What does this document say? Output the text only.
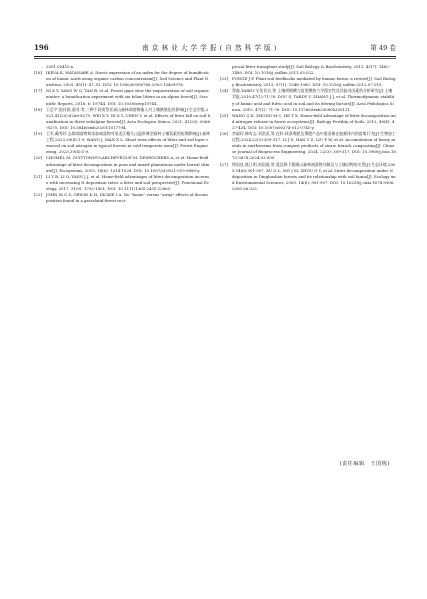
196	南 京 林 业 大 学 学 报 ( 自 然 科 学 版 )	第 49 卷
2001.00410.x.
[16]	IKEVA K, WATANABE A. Direct expression of an index for the degree of humification of humic acids using organic carbon concentration[J]. Soil Science and Plant Nutrition, 2003, 49(1): 47–53. DOI: 10.1080/00380768.2003.10409978.
[17]	NI X Y, YANG W Q, TAN B, et al. Forest gaps slow the sequestration of soil organic matter: a humification experiment with six foliar litters in an alpine forest[J]. Scientific Reports, 2016, 6: 19744. DOI: 10.1038/srep19744.
[18]	卫芯宇,倪祥银,谌亚,等.三种不同类型亚高山森林凋落物输入对土壤腐殖化的影响[J].生态学报,2021,41(20):8266-8275. WEI X Y, NI X Y, CHEN Y, et al. Effects of litter fall on soil humification in three subalpine forests[J]. Acta Ecologica Sinica, 2021, 41(20): 8266-8275. DOI: 10.5846/stxb202011017794.
[19]	王军,戴秀玲.去除凋落物和添加凋落物对黑龙江帽儿山温带典型森林土壤氮素的短期影响[J].森林工程,2023,39(4):1-9. WANG J, MAN X L. Short term effects of litter and sod layer removal on soil nitrogen in typical forests in cold temperate zone[J]. Forest Engineering, 2023,39(4):1-9.
[20]	CHOMEL M, GUITTONNY-LARCHEVÊQUE M, DESROCHERS A, et al. Home-field advantage of litter decomposition in pure and mixed plantations under boreal climate[J]. Ecosystems, 2015, 18(6): 1014-1028. DOI: 10.1007/s10021-015-9880-y.
[21]	LI Y B, LI Q, YANG J J, et al. Home-field advantages of litter decomposition increase with increasing N deposition rates: a litter and soil perspective[J]. Functional Ecology, 2017, 31(9): 1792-1801. DOI: 10.1111/1365-2435.12863.
[22]	JOHN M G S, ORWIN K H, DICKIE I A. No "home" versus "away" effects of decomposition found in a grassland-forest reci-
procal litter transplant study[J]. Soil Biology & Biochemistry, 2011, 43(7): 1482-1489. DOI: 10.1016/j.soilbio.2011.03.022.
[23]	PONGE J F. Plant-soil feedbacks mediated by humus forms: a review[J]. Soil Biology Biochemistry, 2013, 57(1): 1048-1060. DOI: 10.1016/j.soilbio.2012.07.019.
[24]	窦森,TARDY Y,张晋京,等.土壤胡敏酸与富里酸热力学稳定性及其驱动因素的分析研究[J].土壤学报,2010,47(1):71-76. DOU S, TARDY Y, ZHANG J J, et al. Thermodynamic stability of humic acid and fulvic acid in soil and its driving factors[J]. Acta Pedologica Sinica, 2010, 47(1): 71-76. DOI: 10.11766/trxb200804300111.
[25]	WANG Q K, ZHONG M C, HE T X. Home-field advantage of litter decomposition and nitrogen release in forest ecosystems[J]. Biology Fertility of Soils, 2013, 49(4): 427-434. DOI: 10.1007/s00374-012-0741-y.
[26]	李淑玲,韩有志,刘金武,等.在杆,枝条堆肥及堆肥产品中重金属在蚯蚓体内的富集行为[J].生物加工过程,2024,22(3):309-317. LI J X, HAN Y Z, LIU F W, et al. Accumulation of heavy metals in earthworms from compost products of straw, branch composting[J]. Chinese Journal of Bioprocess Engineering, 2024, 22(3): 309-317. DOI: 10.3969/j.issn.1672-3678.2024.03.009.
[27]	徐国良,莫江明,周国逸,等.氮沉降下鼎湖山森林凋落物分解及与土壤动物的关系[J].生态环境,2005,14(6):901-907. XU G L, MO J M, ZHOU G Y, et al. Litter decomposition under N deposition in Dinghushan forests and its relationship with soil fauna[J]. Ecology and Environmental Sciences, 2005, 14(6): 901-907. DOI: 10.16258/j.cnki.1674-5906.2005.06.022.
(责任编辑　王国栋)
